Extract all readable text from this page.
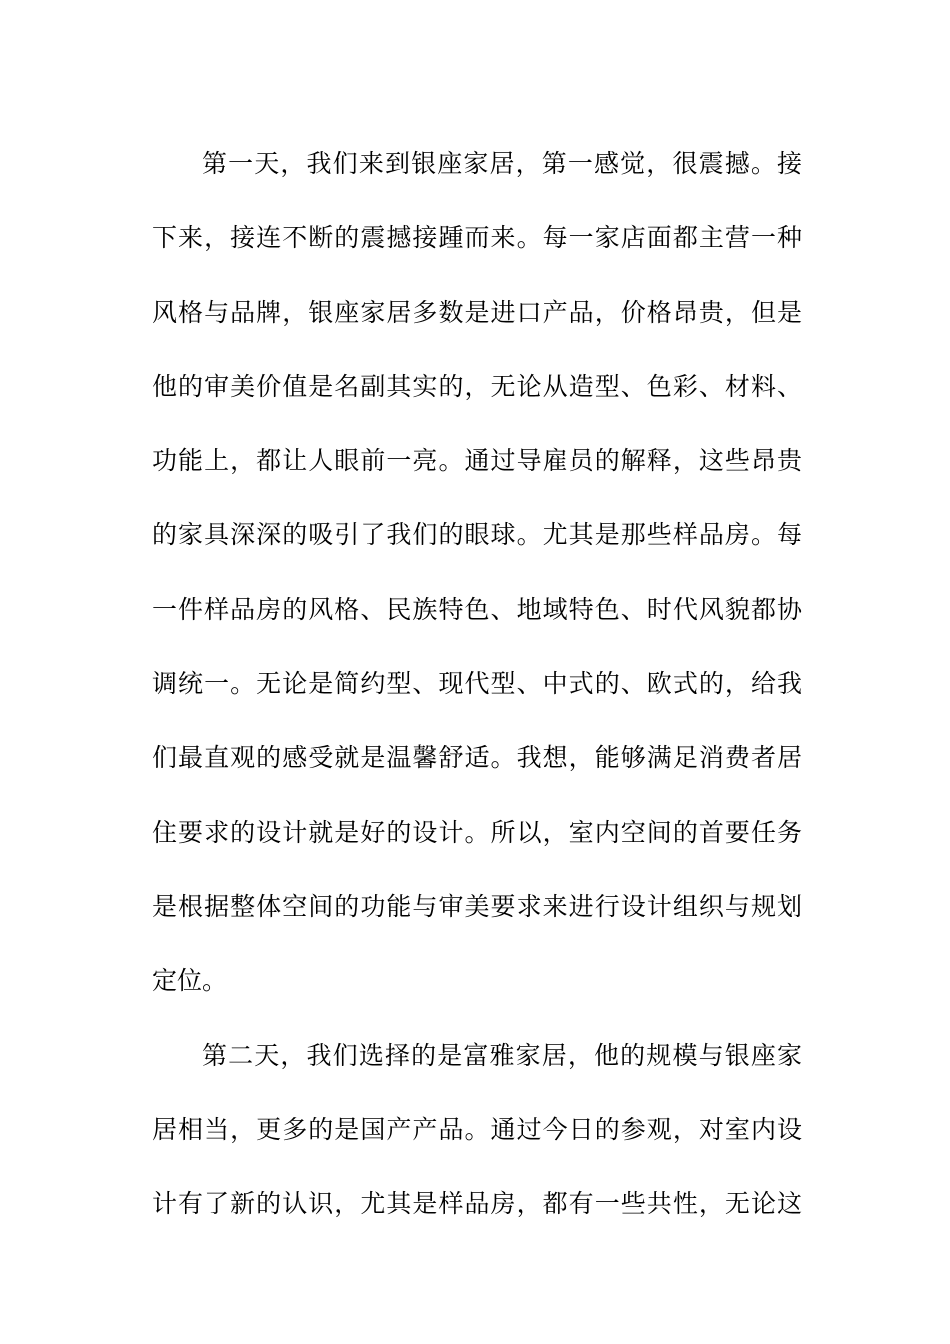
第一天，我们来到银座家居，第一感觉，很震撼。接
下来，接连不断的震撼接踵而来。每一家店面都主营一种
风格与品牌，银座家居多数是进口产品，价格昂贵，但是
他的审美价值是名副其实的，无论从造型、色彩、材料、
功能上，都让人眼前一亮。通过导雇员的解释，这些昂贵
的家具深深的吸引了我们的眼球。尤其是那些样品房。每
一件样品房的风格、民族特色、地域特色、时代风貌都协
调统一。无论是简约型、现代型、中式的、欧式的，给我
们最直观的感受就是温馨舒适。我想，能够满足消费者居
住要求的设计就是好的设计。所以，室内空间的首要任务
是根据整体空间的功能与审美要求来进行设计组织与规划
定位。
第二天，我们选择的是富雅家居，他的规模与银座家
居相当，更多的是国产产品。通过今日的参观，对室内设
计有了新的认识，尤其是样品房，都有一些共性，无论这
